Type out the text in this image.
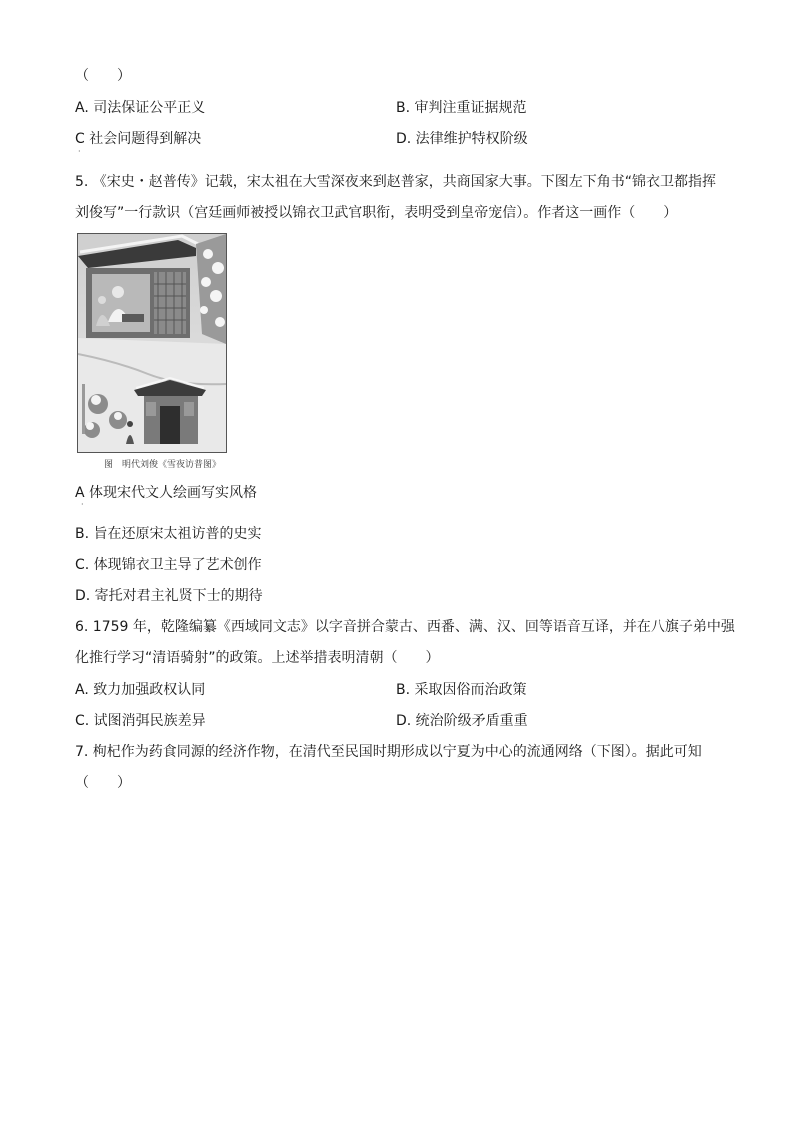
（　　）
A. 司法保证公平正义	B. 审判注重证据规范
C 社会问题得到解决	D. 法律维护特权阶级
·
5. 《宋史・赵普传》记载，宋太祖在大雪深夜来到赵普家，共商国家大事。下图左下角书“锦衣卫都指挥
刘俊写”一行款识（宫廷画师被授以锦衣卫武官职衔，表明受到皇帝宠信）。作者这一画作（　　）
图　明代刘俊《雪夜访普图》
A 体现宋代文人绘画写实风格
·
B. 旨在还原宋太祖访普的史实
C. 体现锦衣卫主导了艺术创作
D. 寄托对君主礼贤下士的期待
6. 1759 年，乾隆编纂《西域同文志》以字音拼合蒙古、西番、满、汉、回等语音互译，并在八旗子弟中强
化推行学习“清语骑射”的政策。上述举措表明清朝（　　）
A. 致力加强政权认同	B. 采取因俗而治政策
C. 试图消弭民族差异	D. 统治阶级矛盾重重
7. 枸杞作为药食同源的经济作物，在清代至民国时期形成以宁夏为中心的流通网络（下图）。据此可知
（　　）
